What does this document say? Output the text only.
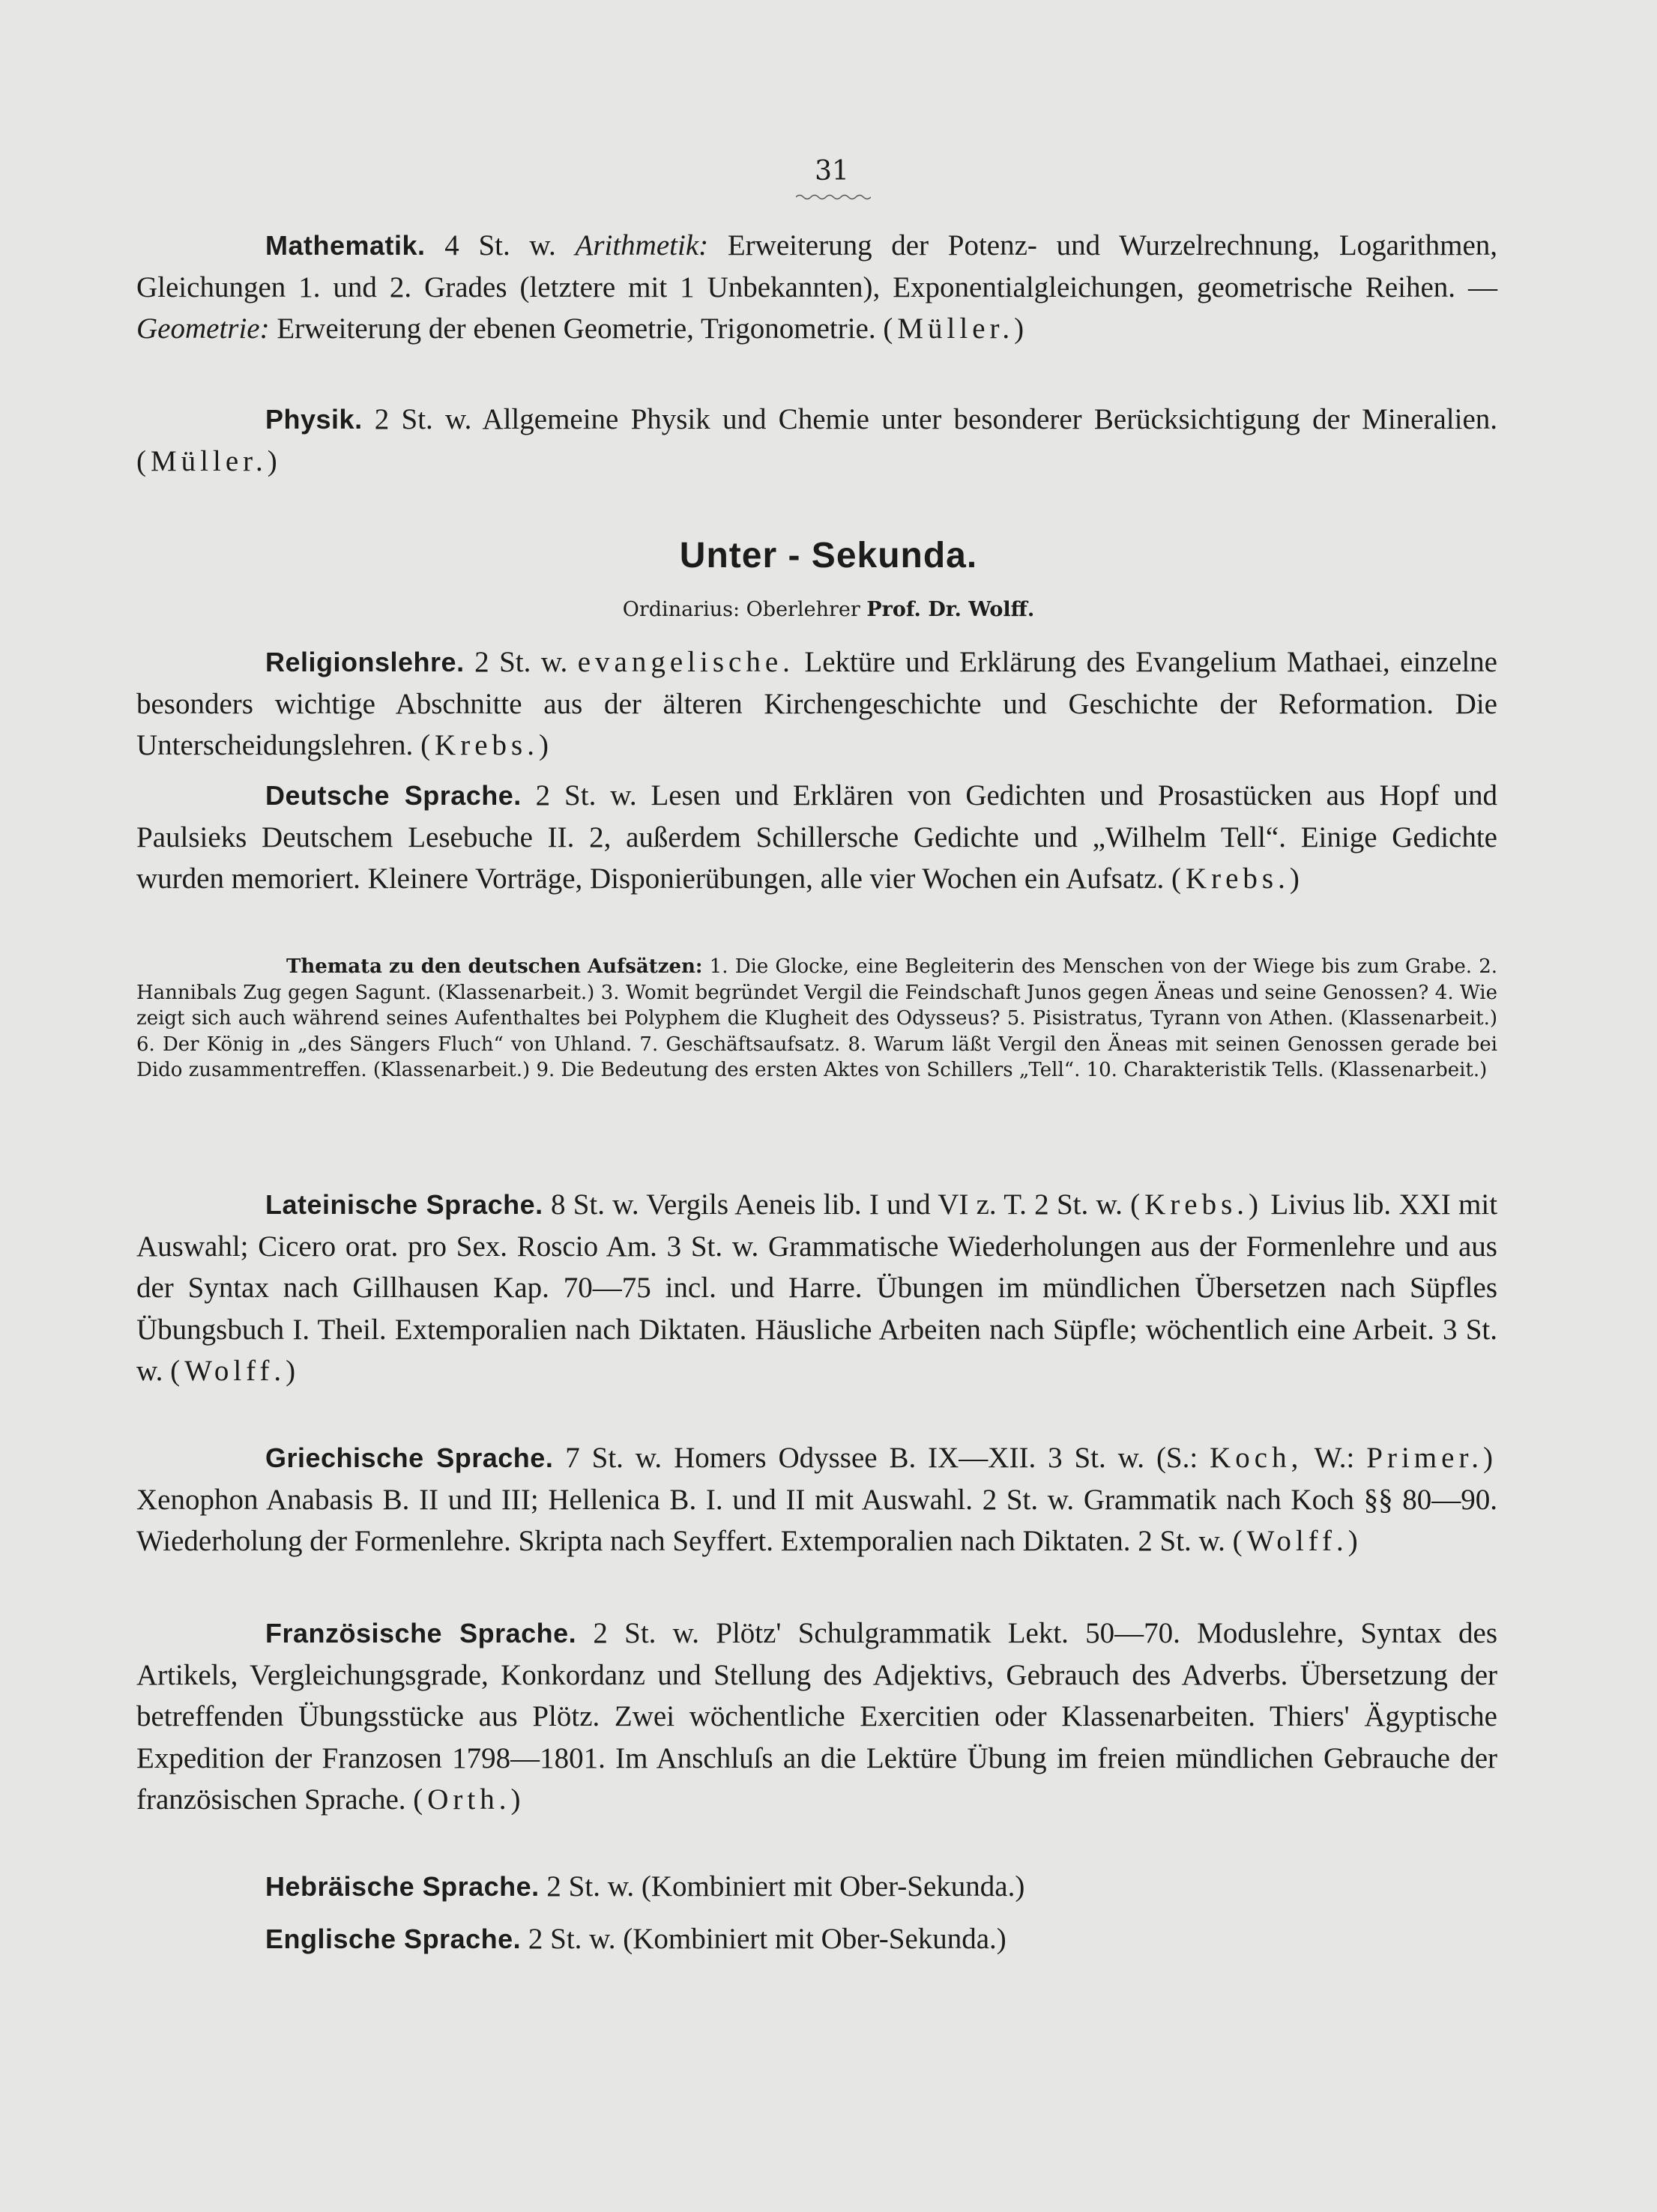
31
Mathematik. 4 St. w. Arithmetik: Erweiterung der Potenz- und Wurzelrechnung, Logarithmen, Gleichungen 1. und 2. Grades (letztere mit 1 Unbekannten), Exponentialgleichungen, geometrische Reihen. — Geometrie: Erweiterung der ebenen Geometrie, Trigonometrie. (Müller.)
Physik. 2 St. w. Allgemeine Physik und Chemie unter besonderer Berücksichtigung der Mineralien. (Müller.)
Unter - Sekunda.
Ordinarius: Oberlehrer Prof. Dr. Wolff.
Religionslehre. 2 St. w. evangelische. Lektüre und Erklärung des Evangelium Mathaei, einzelne besonders wichtige Abschnitte aus der älteren Kirchengeschichte und Geschichte der Reformation. Die Unterscheidungslehren. (Krebs.)
Deutsche Sprache. 2 St. w. Lesen und Erklären von Gedichten und Prosastücken aus Hopf und Paulsieks Deutschem Lesebuche II. 2, außerdem Schillersche Gedichte und „Wilhelm Tell“. Einige Gedichte wurden memoriert. Kleinere Vorträge, Disponierübungen, alle vier Wochen ein Aufsatz. (Krebs.)
Themata zu den deutschen Aufsätzen: 1. Die Glocke, eine Begleiterin des Menschen von der Wiege bis zum Grabe. 2. Hannibals Zug gegen Sagunt. (Klassenarbeit.) 3. Womit begründet Vergil die Feindschaft Junos gegen Äneas und seine Genossen? 4. Wie zeigt sich auch während seines Aufenthaltes bei Polyphem die Klugheit des Odysseus? 5. Pisistratus, Tyrann von Athen. (Klassenarbeit.) 6. Der König in „des Sängers Fluch“ von Uhland. 7. Geschäftsaufsatz. 8. Warum läßt Vergil den Äneas mit seinen Genossen gerade bei Dido zusammentreffen. (Klassenarbeit.) 9. Die Bedeutung des ersten Aktes von Schillers „Tell“. 10. Charakteristik Tells. (Klassenarbeit.)
Lateinische Sprache. 8 St. w. Vergils Aeneis lib. I und VI z. T. 2 St. w. (Krebs.) Livius lib. XXI mit Auswahl; Cicero orat. pro Sex. Roscio Am. 3 St. w. Grammatische Wiederholungen aus der Formenlehre und aus der Syntax nach Gillhausen Kap. 70—75 incl. und Harre. Übungen im mündlichen Übersetzen nach Süpfles Übungsbuch I. Theil. Extemporalien nach Diktaten. Häusliche Arbeiten nach Süpfle; wöchentlich eine Arbeit. 3 St. w. (Wolff.)
Griechische Sprache. 7 St. w. Homers Odyssee B. IX—XII. 3 St. w. (S.: Koch, W.: Primer.) Xenophon Anabasis B. II und III; Hellenica B. I. und II mit Auswahl. 2 St. w. Grammatik nach Koch §§ 80—90. Wiederholung der Formenlehre. Skripta nach Seyffert. Extemporalien nach Diktaten. 2 St. w. (Wolff.)
Französische Sprache. 2 St. w. Plötz' Schulgrammatik Lekt. 50—70. Moduslehre, Syntax des Artikels, Vergleichungsgrade, Konkordanz und Stellung des Adjektivs, Gebrauch des Adverbs. Übersetzung der betreffenden Übungsstücke aus Plötz. Zwei wöchentliche Exercitien oder Klassenarbeiten. Thiers' Ägyptische Expedition der Franzosen 1798—1801. Im Anschluſs an die Lektüre Übung im freien mündlichen Gebrauche der französischen Sprache. (Orth.)
Hebräische Sprache. 2 St. w. (Kombiniert mit Ober-Sekunda.)
Englische Sprache. 2 St. w. (Kombiniert mit Ober-Sekunda.)
